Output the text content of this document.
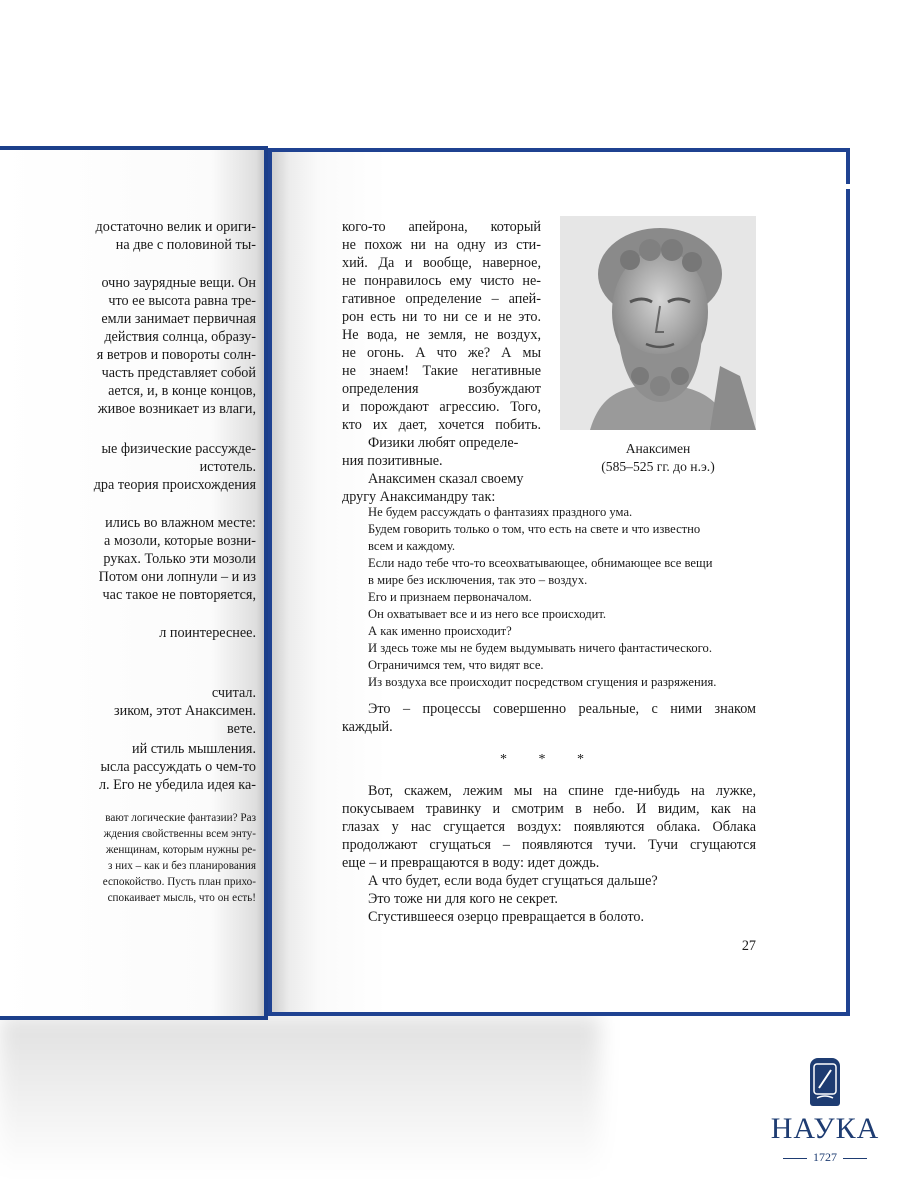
достаточно велик и ориги-
на две с половиной ты-
очно заурядные вещи. Он
что ее высота равна тре-
емли занимает первичная
действия солнца, образу-
я ветров и повороты солн-
часть представляет собой
ается, и, в конце концов,
живое возникает из влаги,
ые физические рассужде-
истотель.
дра теория происхождения
ились во влажном месте:
а мозоли, которые возни-
руках. Только эти мозоли
Потом они лопнули – и из
час такое не повторяется,
л поинтереснее.
считал.
зиком, этот Анаксимен.
вете.
ий стиль мышления.
ысла рассуждать о чем-то
л. Его не убедила идея ка-
вают логические фантазии? Раз
ждения свойственны всем энту-
женщинам, которым нужны ре-
з них – как и без планирования
еспокойство. Пусть план прихо-
спокаивает мысль, что он есть!
кого-то апейрона, который
не похож ни на одну из сти-
хий. Да и вообще, наверное,
не понравилось ему чисто не-
гативное определение – апей-
рон есть ни то ни се и не это.
Не вода, не земля, не воздух,
не огонь. А что же? А мы
не знаем! Такие негативные
определения возбуждают
и порождают агрессию. Того,
кто их дает, хочется побить.
Физики любят определе-
ния позитивные.
Анаксимен сказал своему
другу Анаксимандру так:
Анаксимен
(585–525 гг. до н.э.)
Не будем рассуждать о фантазиях праздного ума.
Будем говорить только о том, что есть на свете и что известно
всем и каждому.
Если надо тебе что-то всеохватывающее, обнимающее все вещи
в мире без исключения, так это – воздух.
Его и признаем первоначалом.
Он охватывает все и из него все происходит.
А как именно происходит?
И здесь тоже мы не будем выдумывать ничего фантастического.
Ограничимся тем, что видят все.
Из воздуха все происходит посредством сгущения и разряжения.
Это – процессы совершенно реальные, с ними знаком
каждый.
* * *
Вот, скажем, лежим мы на спине где-нибудь на лужке,
покусываем травинку и смотрим в небо. И видим, как на
глазах у нас сгущается воздух: появляются облака. Облака
продолжают сгущаться – появляются тучи. Тучи сгущаются
еще – и превращаются в воду: идет дождь.
А что будет, если вода будет сгущаться дальше?
Это тоже ни для кого не секрет.
Сгустившееся озерцо превращается в болото.
27
НАУКА
1727
